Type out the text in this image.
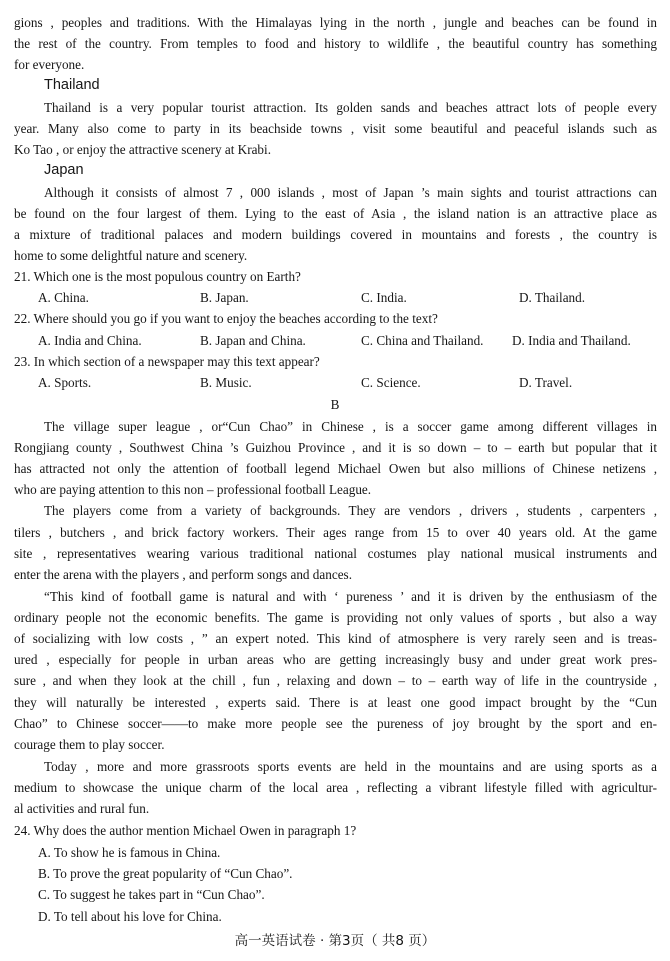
gions , peoples and traditions. With the Himalayas lying in the north , jungle and beaches can be found in
the rest of the country. From temples to food and history to wildlife , the beautiful country has something
for everyone.
Thailand
Thailand is a very popular tourist attraction. Its golden sands and beaches attract lots of people every
year. Many also come to party in its beachside towns , visit some beautiful and peaceful islands such as
Ko Tao , or enjoy the attractive scenery at Krabi.
Japan
Although it consists of almost 7 , 000 islands , most of Japan ’s main sights and tourist attractions can
be found on the four largest of them. Lying to the east of Asia , the island nation is an attractive place as
a mixture of traditional palaces and modern buildings covered in mountains and forests , the country is
home to some delightful nature and scenery.
21. Which one is the most populous country on Earth?
A. China.	B. Japan.	C. India.	D. Thailand.
22. Where should you go if you want to enjoy the beaches according to the text?
A. India and China.	B. Japan and China.	C. China and Thailand. D. India and Thailand.
23. In which section of a newspaper may this text appear?
A. Sports.	B. Music.	C. Science.	D. Travel.
B
The village super league , or“Cun Chao” in Chinese , is a soccer game among different villages in
Rongjiang county , Southwest China ’s Guizhou Province , and it is so down – to – earth but popular that it
has attracted not only the attention of football legend Michael Owen but also millions of Chinese netizens ,
who are paying attention to this non – professional football League.
The players come from a variety of backgrounds. They are vendors , drivers , students , carpenters ,
tilers , butchers , and brick factory workers. Their ages range from 15 to over 40 years old. At the game
site , representatives wearing various traditional national costumes play national musical instruments and
enter the arena with the players , and perform songs and dances.
“This kind of football game is natural and with ‘ pureness ’ and it is driven by the enthusiasm of the
ordinary people not the economic benefits. The game is providing not only values of sports , but also a way
of socializing with low costs , ” an expert noted. This kind of atmosphere is very rarely seen and is treas-
ured , especially for people in urban areas who are getting increasingly busy and under great work pres-
sure , and when they look at the chill , fun , relaxing and down – to – earth way of life in the countryside ,
they will naturally be interested , experts said. There is at least one good impact brought by the “Cun
Chao” to Chinese soccer——to make more people see the pureness of joy brought by the sport and en-
courage them to play soccer.
Today , more and more grassroots sports events are held in the mountains and are using sports as a
medium to showcase the unique charm of the local area , reflecting a vibrant lifestyle filled with agricultur-
al activities and rural fun.
24. Why does the author mention Michael Owen in paragraph 1?
A. To show he is famous in China.
B. To prove the great popularity of “Cun Chao”.
C. To suggest he takes part in “Cun Chao”.
D. To tell about his love for China.
高一英语试卷 · 第3页（ 共8 页）
